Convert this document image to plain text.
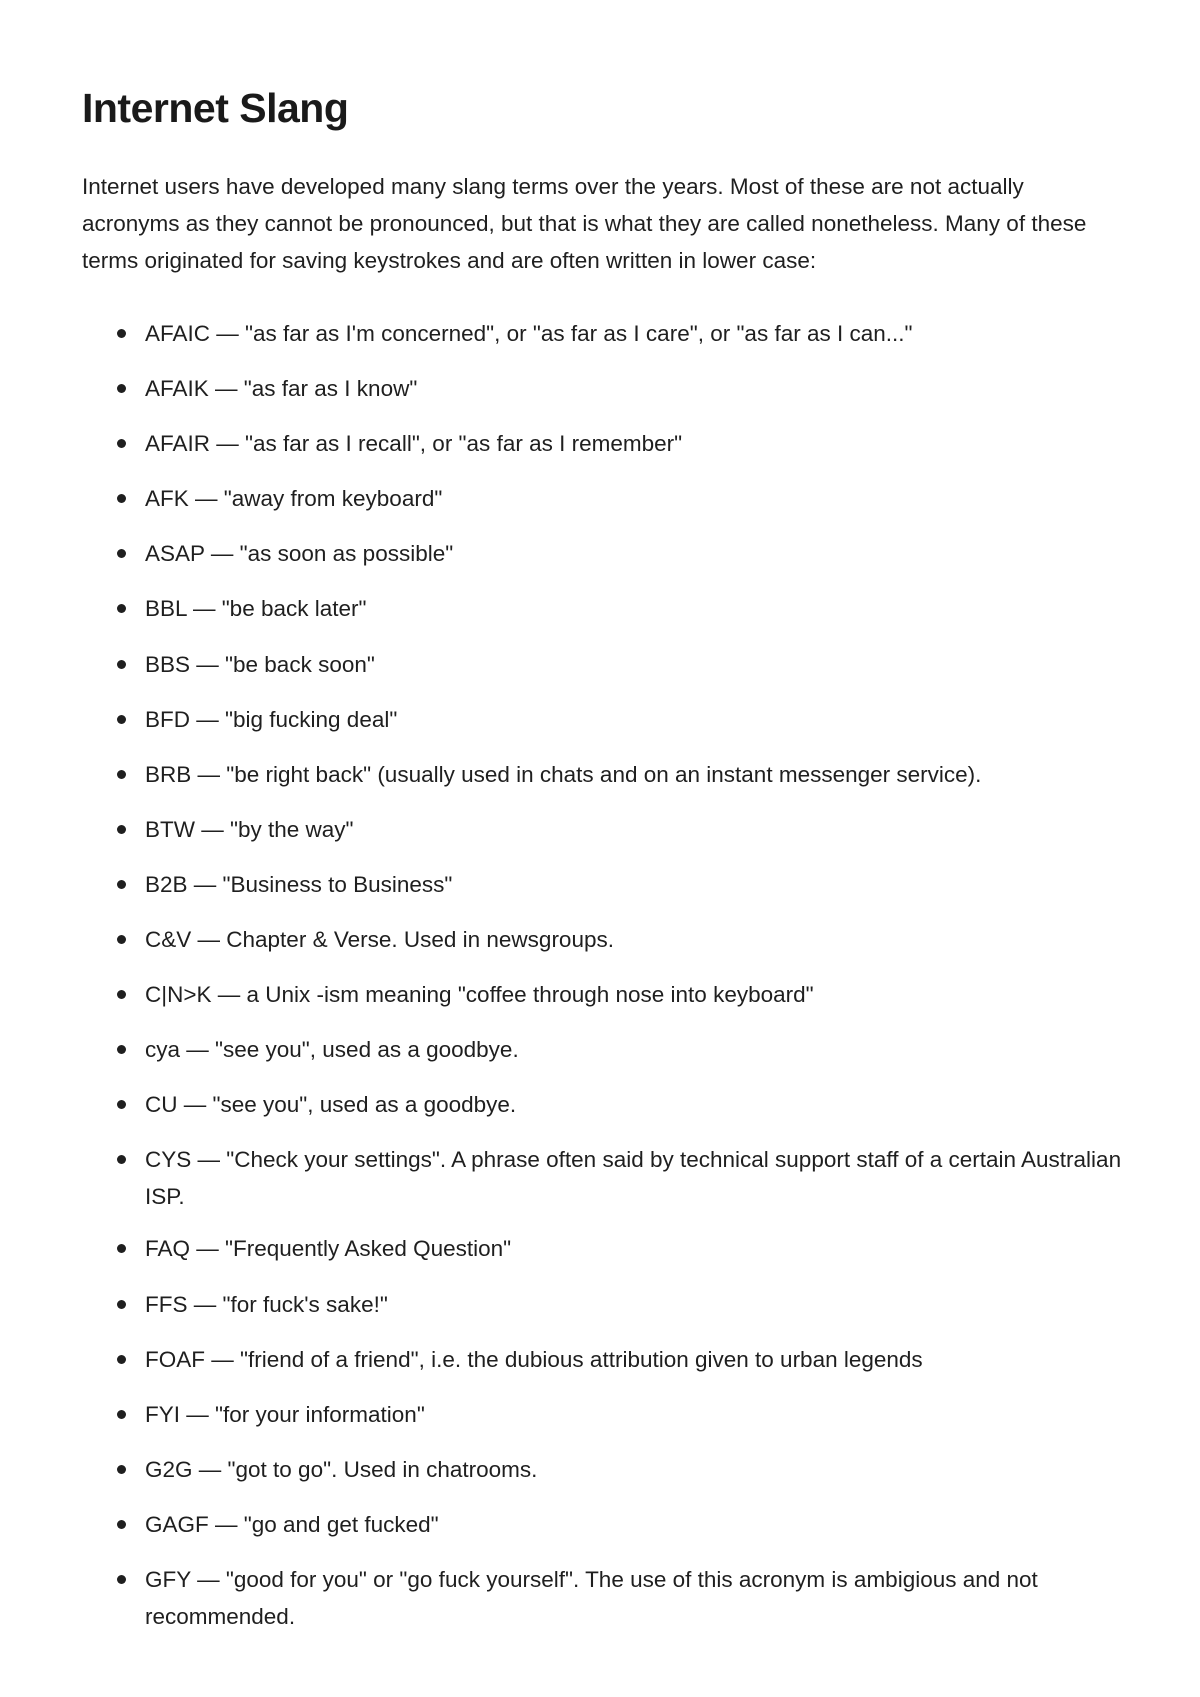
Internet Slang

Internet users have developed many slang terms over the years. Most of these are not actually acronyms as they cannot be pronounced, but that is what they are called nonetheless. Many of these terms originated for saving keystrokes and are often written in lower case:

AFAIC — "as far as I'm concerned", or "as far as I care", or "as far as I can..."
AFAIK — "as far as I know"
AFAIR — "as far as I recall", or "as far as I remember"
AFK — "away from keyboard"
ASAP — "as soon as possible"
BBL — "be back later"
BBS — "be back soon"
BFD — "big fucking deal"
BRB — "be right back" (usually used in chats and on an instant messenger service).
BTW — "by the way"
B2B — "Business to Business"
C&V — Chapter & Verse. Used in newsgroups.
C|N>K — a Unix -ism meaning "coffee through nose into keyboard"
cya — "see you", used as a goodbye.
CU — "see you", used as a goodbye.
CYS — "Check your settings". A phrase often said by technical support staff of a certain Australian ISP.
FAQ — "Frequently Asked Question"
FFS — "for fuck's sake!"
FOAF — "friend of a friend", i.e. the dubious attribution given to urban legends
FYI — "for your information"
G2G — "got to go". Used in chatrooms.
GAGF — "go and get fucked"
GFY — "good for you" or "go fuck yourself". The use of this acronym is ambigious and not recommended.
